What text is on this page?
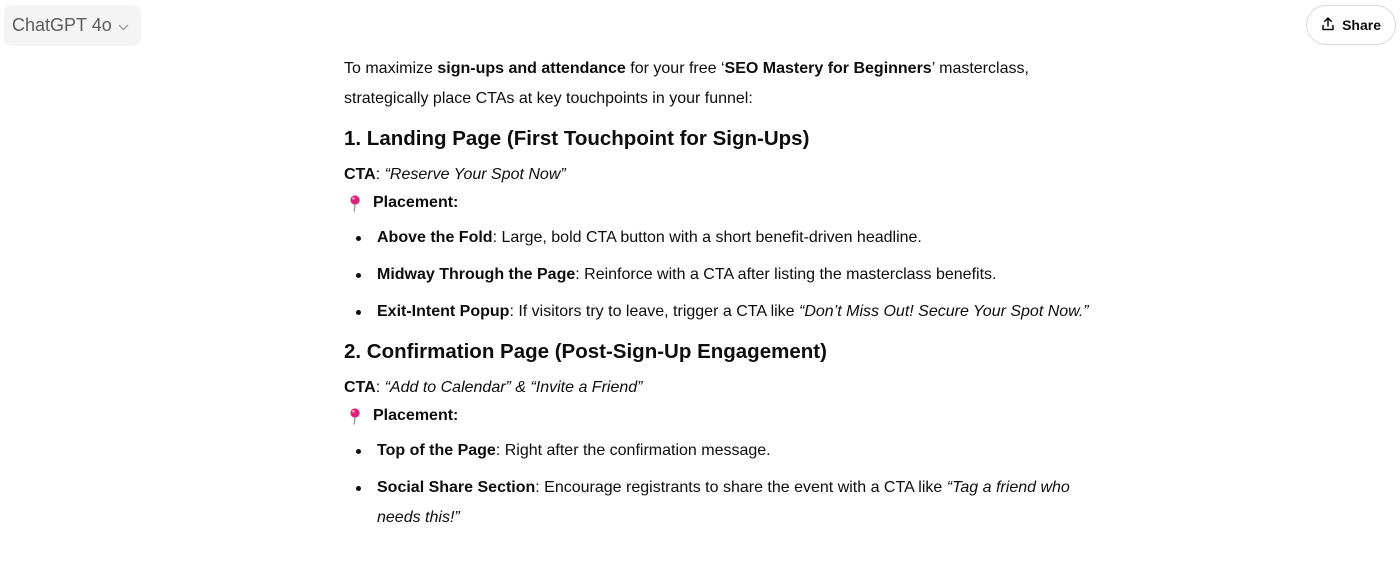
ChatGPT 4o	Share

To maximize sign-ups and attendance for your free ‘SEO Mastery for Beginners’ masterclass, strategically place CTAs at key touchpoints in your funnel:

1. Landing Page (First Touchpoint for Sign-Ups)
CTA: “Reserve Your Spot Now”
Placement:
Above the Fold: Large, bold CTA button with a short benefit-driven headline.
Midway Through the Page: Reinforce with a CTA after listing the masterclass benefits.
Exit-Intent Popup: If visitors try to leave, trigger a CTA like “Don’t Miss Out! Secure Your Spot Now.”
2. Confirmation Page (Post-Sign-Up Engagement)
CTA: “Add to Calendar” & “Invite a Friend”
Placement:
Top of the Page: Right after the confirmation message.
Social Share Section: Encourage registrants to share the event with a CTA like “Tag a friend who needs this!”
